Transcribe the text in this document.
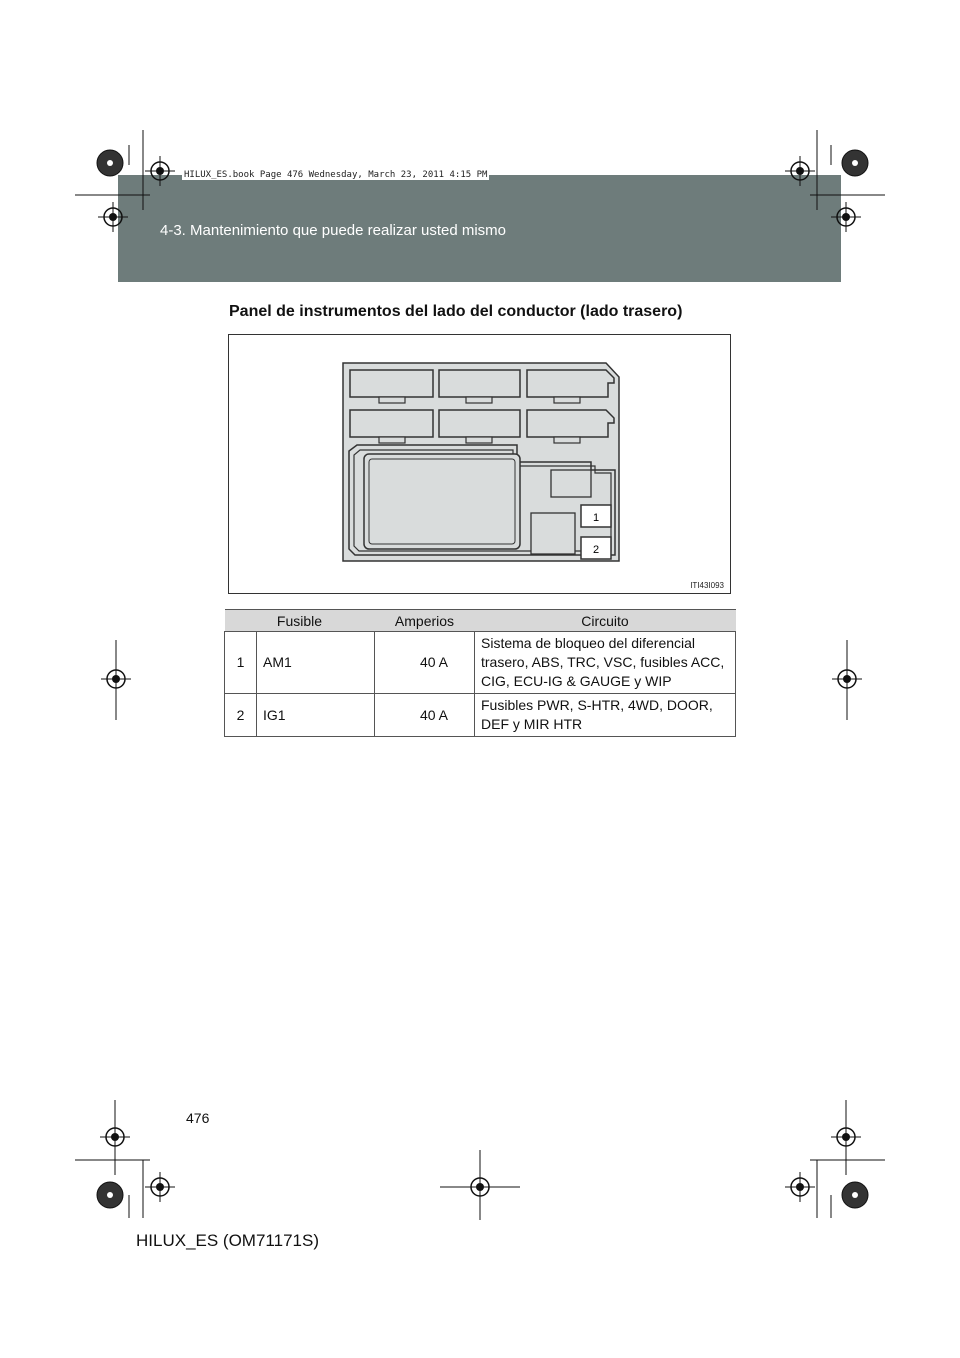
4-3. Mantenimiento que puede realizar usted mismo
HILUX_ES.book Page 476 Wednesday, March 23, 2011 4:15 PM
Panel de instrumentos del lado del conductor (lado trasero)
1
2
ITI43I093
Fusible		Amperios	Circuito
1	AM1	40 A	Sistema de bloqueo del diferencial trasero, ABS, TRC, VSC, fusibles ACC, CIG, ECU-IG & GAUGE y WIP
2	IG1	40 A	Fusibles PWR, S-HTR, 4WD, DOOR, DEF y MIR HTR
476
HILUX_ES (OM71171S)
